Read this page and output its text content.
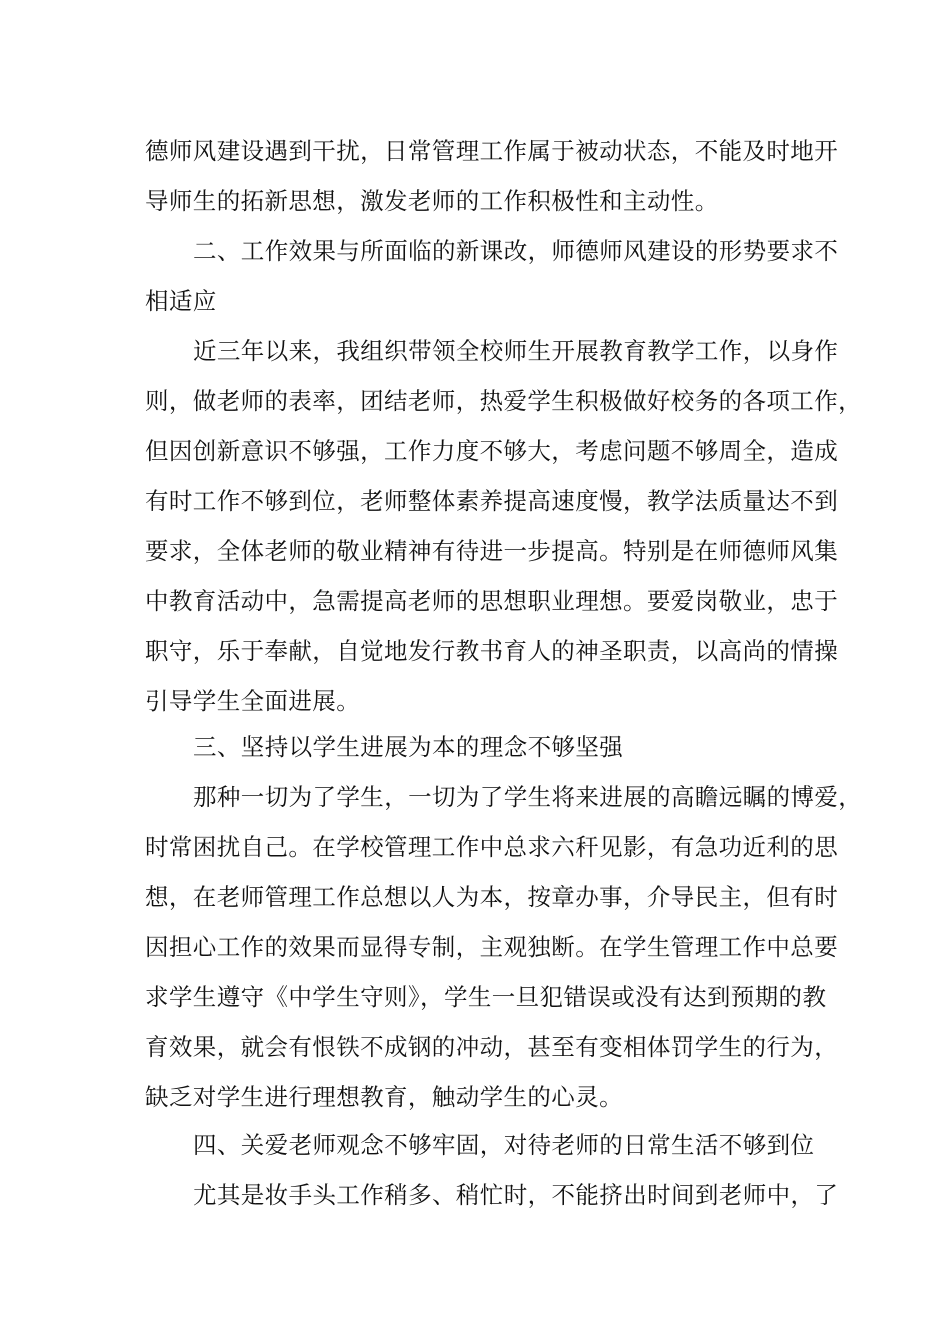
德师风建设遇到干扰，日常管理工作属于被动状态，不能及时地开
导师生的拓新思想，激发老师的工作积极性和主动性。
二、工作效果与所面临的新课改，师德师风建设的形势要求不
相适应
近三年以来，我组织带领全校师生开展教育教学工作，以身作
则，做老师的表率，团结老师，热爱学生积极做好校务的各项工作，
但因创新意识不够强，工作力度不够大，考虑问题不够周全，造成
有时工作不够到位，老师整体素养提高速度慢，教学法质量达不到
要求，全体老师的敬业精神有待进一步提高。特别是在师德师风集
中教育活动中，急需提高老师的思想职业理想。要爱岗敬业，忠于
职守，乐于奉献，自觉地发行教书育人的神圣职责，以高尚的情操
引导学生全面进展。
三、坚持以学生进展为本的理念不够坚强
那种一切为了学生，一切为了学生将来进展的高瞻远瞩的博爱，
时常困扰自己。在学校管理工作中总求六秆见影，有急功近利的思
想，在老师管理工作总想以人为本，按章办事，介导民主，但有时
因担心工作的效果而显得专制，主观独断。在学生管理工作中总要
求学生遵守《中学生守则》，学生一旦犯错误或没有达到预期的教
育效果，就会有恨铁不成钢的冲动，甚至有变相体罚学生的行为，
缺乏对学生进行理想教育，触动学生的心灵。
四、关爱老师观念不够牢固，对待老师的日常生活不够到位
尤其是妆手头工作稍多、稍忙时，不能挤出时间到老师中，了
